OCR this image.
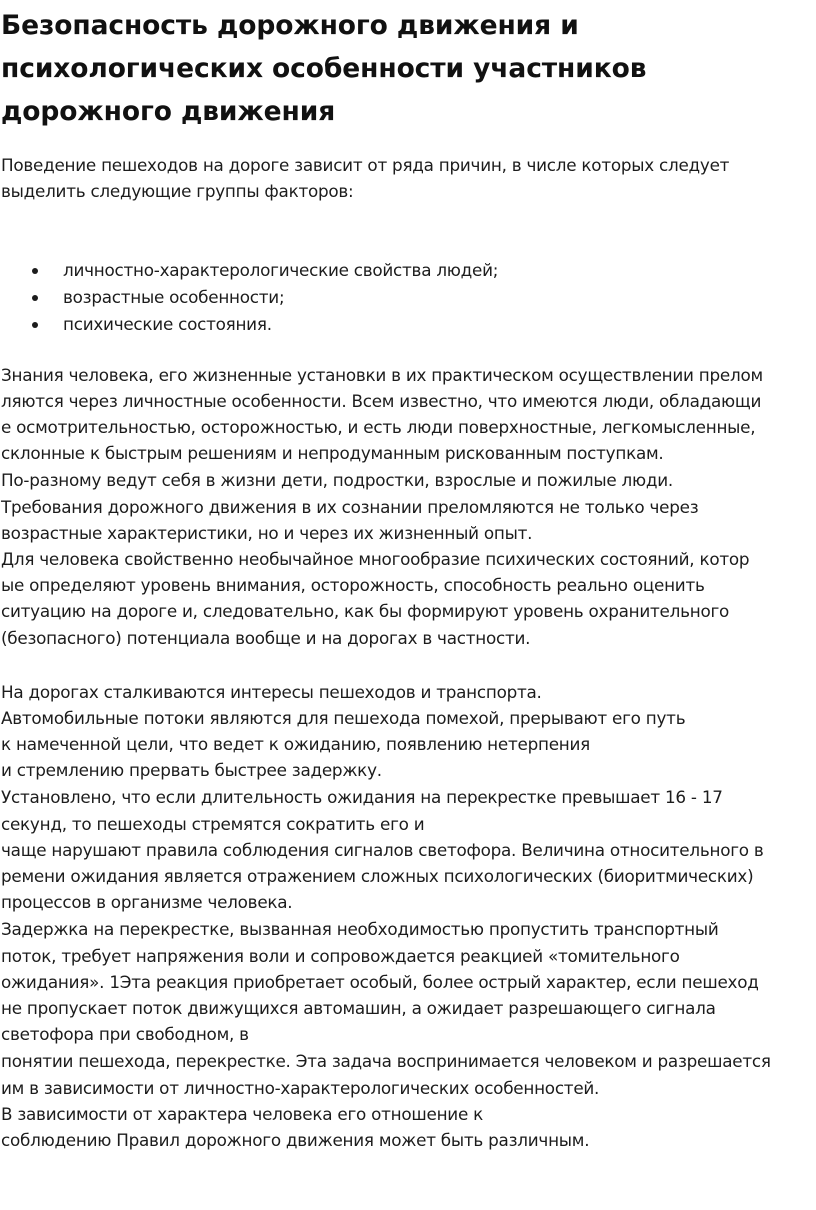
Безопасность дорожного движения и
психологических особенности участников
дорожного движения
Поведение пешеходов на дороге зависит от ряда причин, в числе которых следует
выделить следующие группы факторов:
личностно-характерологические свойства людей;
возрастные особенности;
психические состояния.
Знания человека, его жизненные установки в их практическом осуществлении прелом
ляются через личностные особенности. Всем известно, что имеются люди, обладающи
е осмотрительностью, осторожностью, и есть люди поверхностные, легкомысленные,
склонные к быстрым решениям и непродуманным рискованным поступкам.
По-разному ведут себя в жизни дети, подростки, взрослые и пожилые люди.
Требования дорожного движения в их сознании преломляются не только через
возрастные характеристики, но и через их жизненный опыт.
Для человека свойственно необычайное многообразие психических состояний, котор
ые определяют уровень внимания, осторожность, способность реально оценить
ситуацию на дороге и, следовательно, как бы формируют уровень охранительного
(безопасного) потенциала вообще и на дорогах в частности.
На дорогах сталкиваются интересы пешеходов и транспорта.
Автомобильные потоки являются для пешехода помехой, прерывают его путь
к намеченной цели, что ведет к ожиданию, появлению нетерпения
и стремлению прервать быстрее задержку.
Установлено, что если длительность ожидания на перекрестке превышает 16 - 17
секунд, то пешеходы стремятся сократить его и
чаще нарушают правила соблюдения сигналов светофора. Величина относительного в
ремени ожидания является отражением сложных психологических (биоритмических)
процессов в организме человека.
Задержка на перекрестке, вызванная необходимостью пропустить транспортный
поток, требует напряжения воли и сопровождается реакцией «томительного
ожидания». 1Эта реакция приобретает особый, более острый характер, если пешеход
не пропускает поток движущихся автомашин, а ожидает разрешающего сигнала
светофора при свободном, в
понятии пешехода, перекрестке. Эта задача воспринимается человеком и разрешается
им в зависимости от личностно-характерологических особенностей.
В зависимости от характера человека его отношение к
соблюдению Правил дорожного движения может быть различным.
